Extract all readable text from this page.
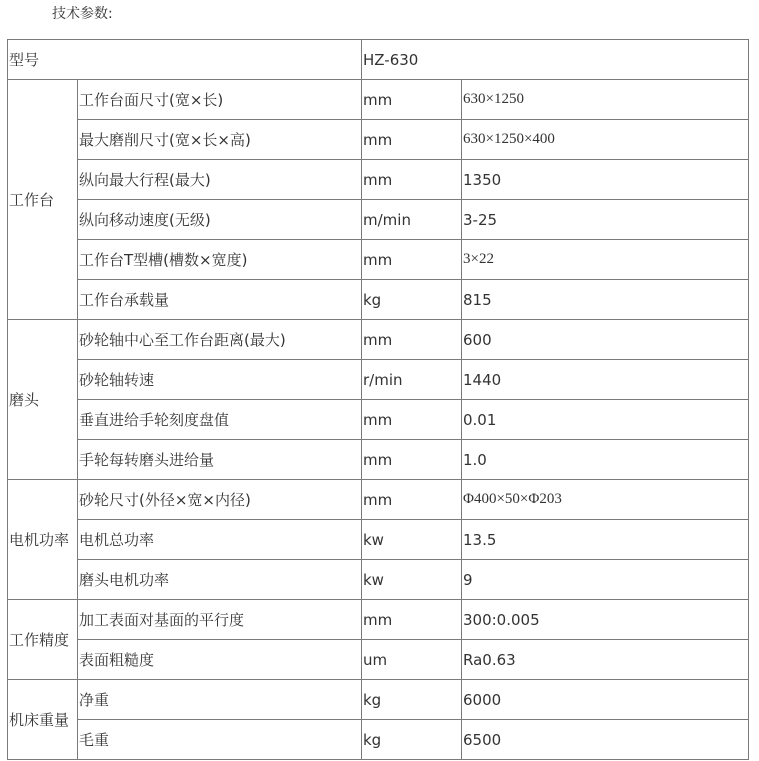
技术参数:
型号		HZ-630	
工作台	工作台面尺寸(宽×长)	mm	630×1250
	最大磨削尺寸(宽×长×高)	mm	630×1250×400
	纵向最大行程(最大)	mm	1350
	纵向移动速度(无级)	m/min	3-25
	工作台T型槽(槽数×宽度)	mm	3×22
	工作台承载量	kg	815
磨头	砂轮轴中心至工作台距离(最大)	mm	600
	砂轮轴转速	r/min	1440
	垂直进给手轮刻度盘值	mm	0.01
	手轮每转磨头进给量	mm	1.0
电机功率	砂轮尺寸(外径×宽×内径)	mm	Φ400×50×Φ203
	电机总功率	kw	13.5
	磨头电机功率	kw	9
工作精度	加工表面对基面的平行度	mm	300:0.005
	表面粗糙度	um	Ra0.63
机床重量	净重	kg	6000
	毛重	kg	6500
